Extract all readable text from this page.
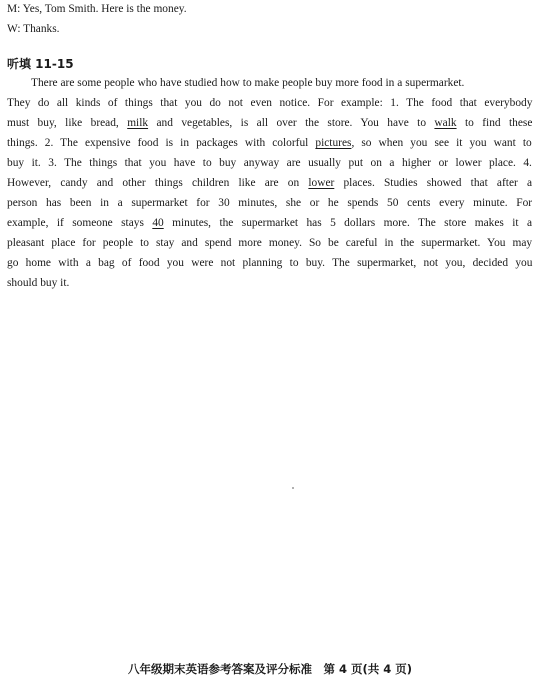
M: Yes, Tom Smith. Here is the money.
W: Thanks.
听填 11-15
There are some people who have studied how to make people buy more food in a supermarket.
They do all kinds of things that you do not even notice. For example: 1. The food that everybody
must buy, like bread, milk and vegetables, is all over the store. You have to walk to find these
things. 2. The expensive food is in packages with colorful pictures, so when you see it you want to
buy it. 3. The things that you have to buy anyway are usually put on a higher or lower place. 4.
However, candy and other things children like are on lower places. Studies showed that after a
person has been in a supermarket for 30 minutes, she or he spends 50 cents every minute. For
example, if someone stays 40 minutes, the supermarket has 5 dollars more. The store makes it a
pleasant place for people to stay and spend more money. So be careful in the supermarket. You may
go home with a bag of food you were not planning to buy. The supermarket, not you, decided you
should buy it.
八年级期末英语参考答案及评分标准　第 4 页(共 4 页)
